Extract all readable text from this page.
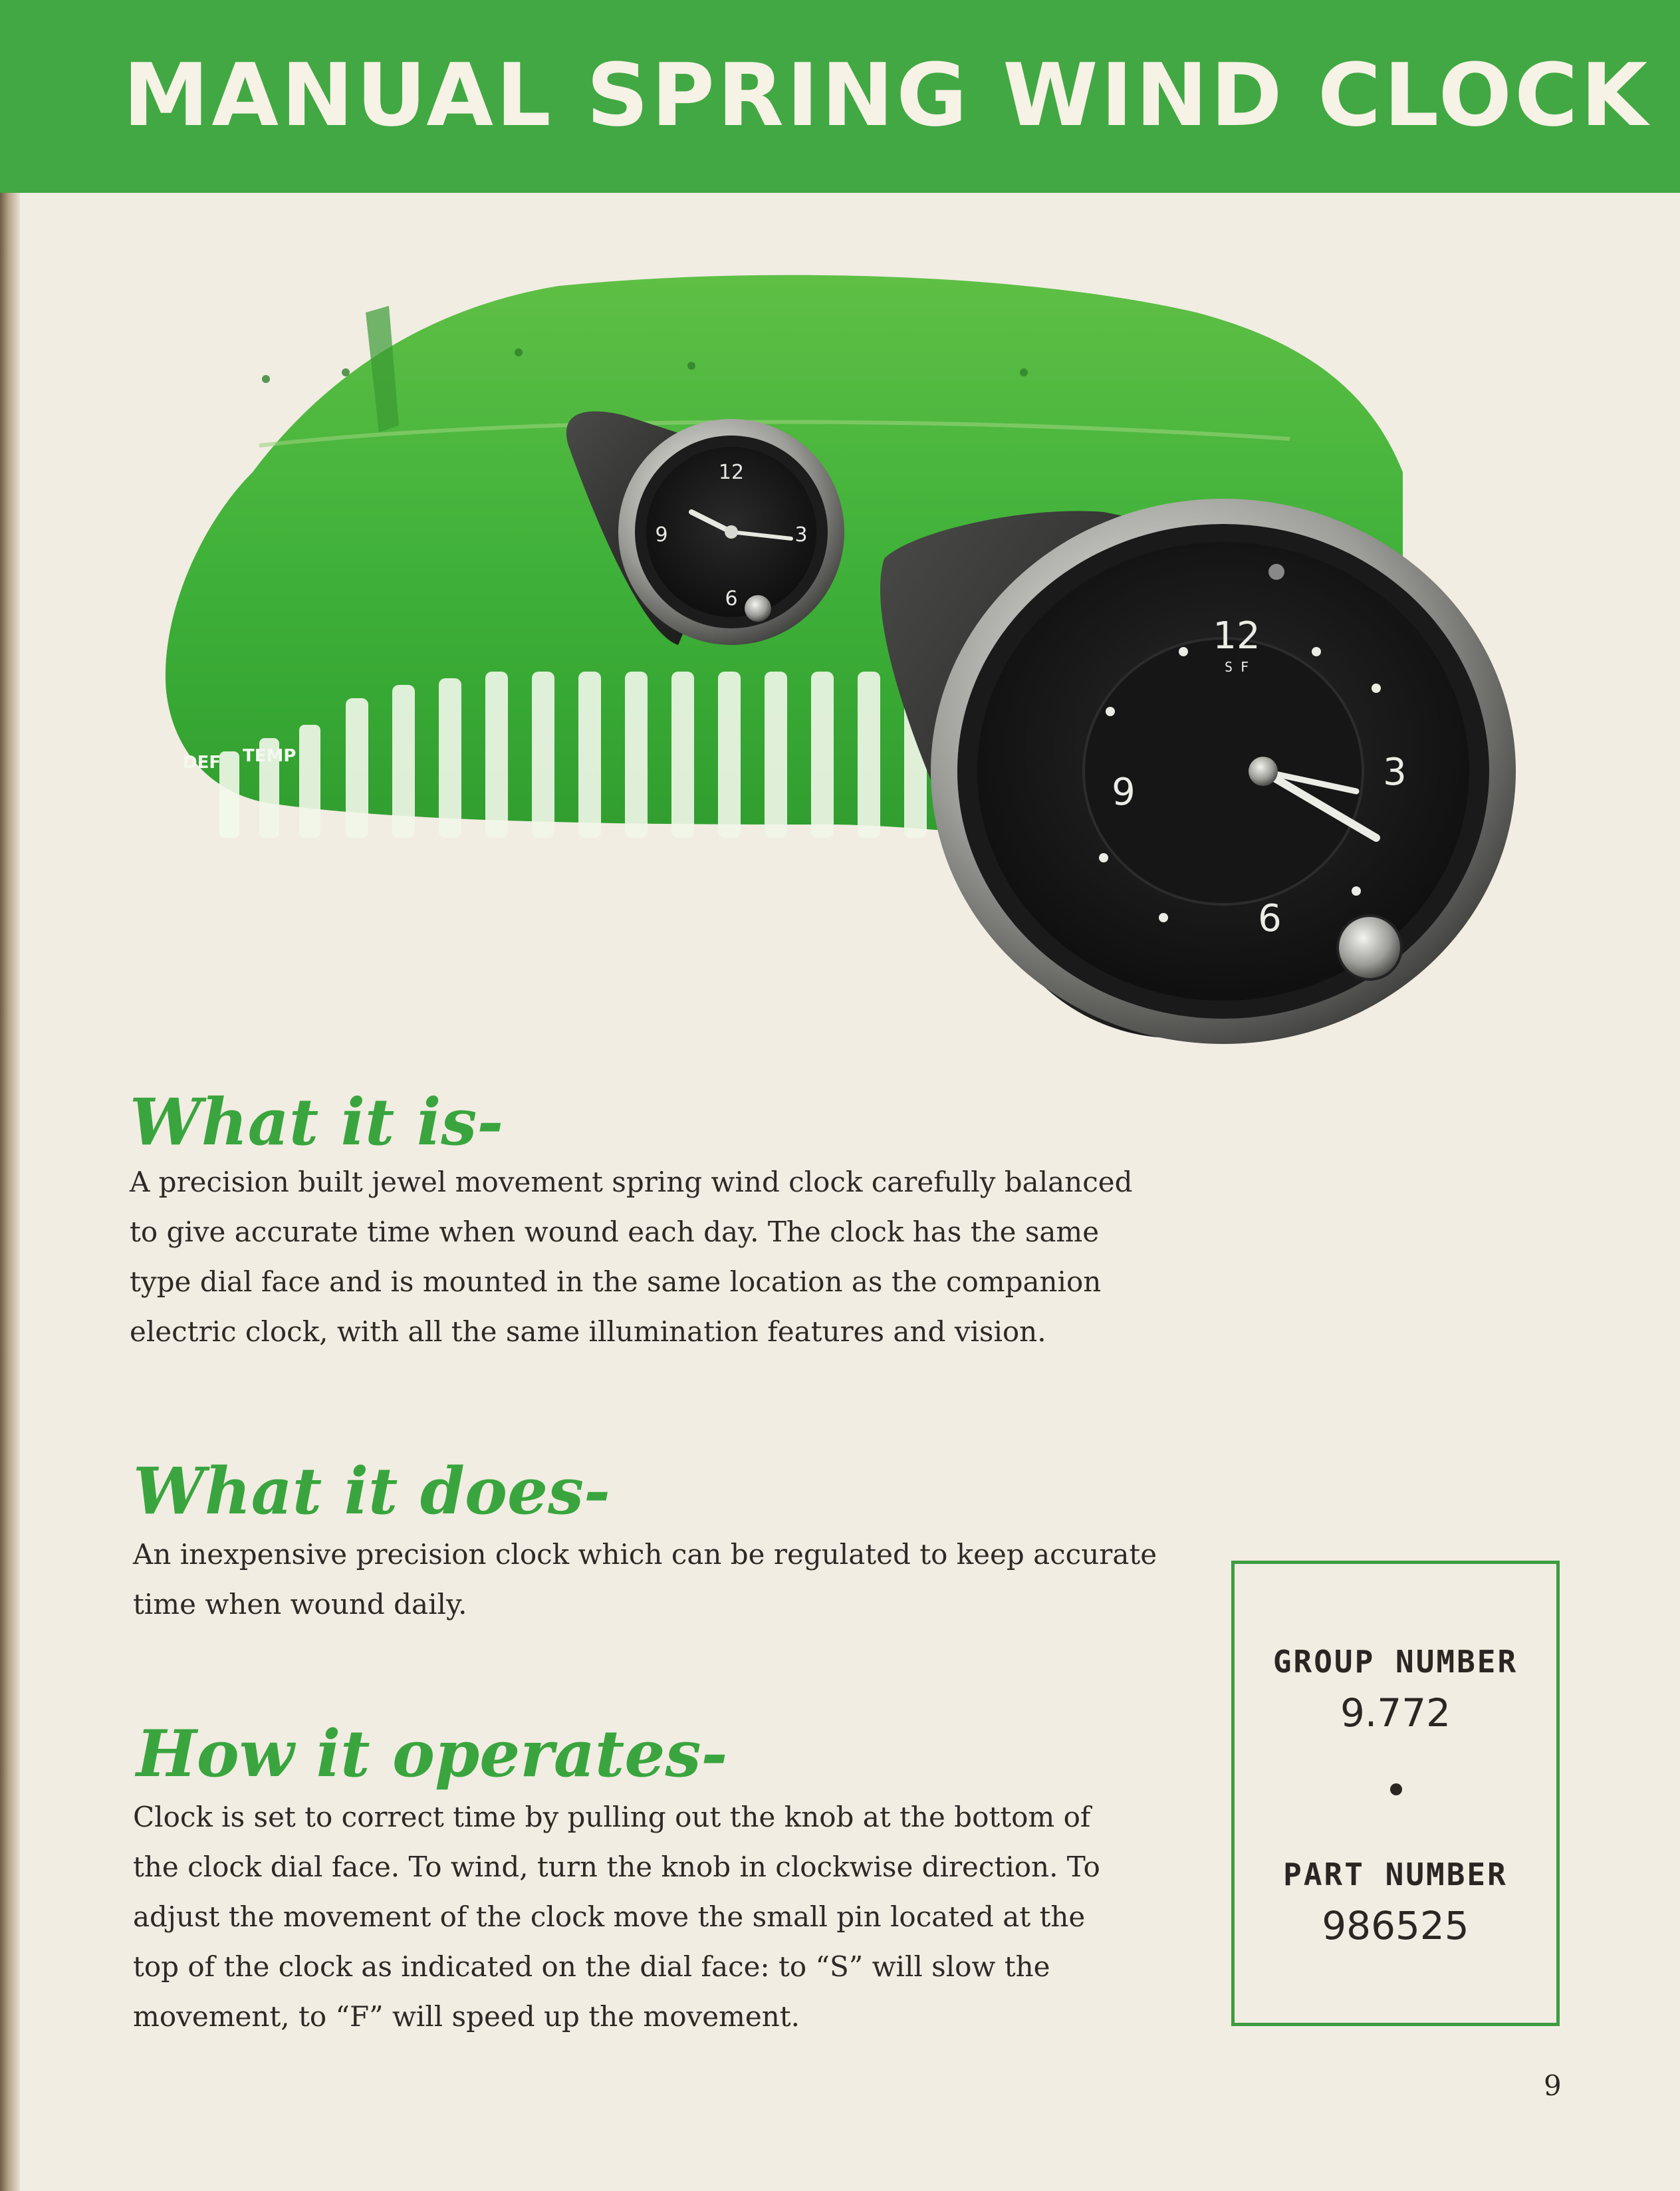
MANUAL SPRING WIND CLOCK
DEF TEMP
12
3
6
9
12
S F
3
6
9
What it is-
A precision built jewel movement spring wind clock carefully balanced
to give accurate time when wound each day. The clock has the same
type dial face and is mounted in the same location as the companion
electric clock, with all the same illumination features and vision.
What it does-
An inexpensive precision clock which can be regulated to keep accurate
time when wound daily.
How it operates-
Clock is set to correct time by pulling out the knob at the bottom of
the clock dial face. To wind, turn the knob in clockwise direction. To
adjust the movement of the clock move the small pin located at the
top of the clock as indicated on the dial face: to “S” will slow the
movement, to “F” will speed up the movement.
GROUP NUMBER
9.772
PART NUMBER
986525
9
